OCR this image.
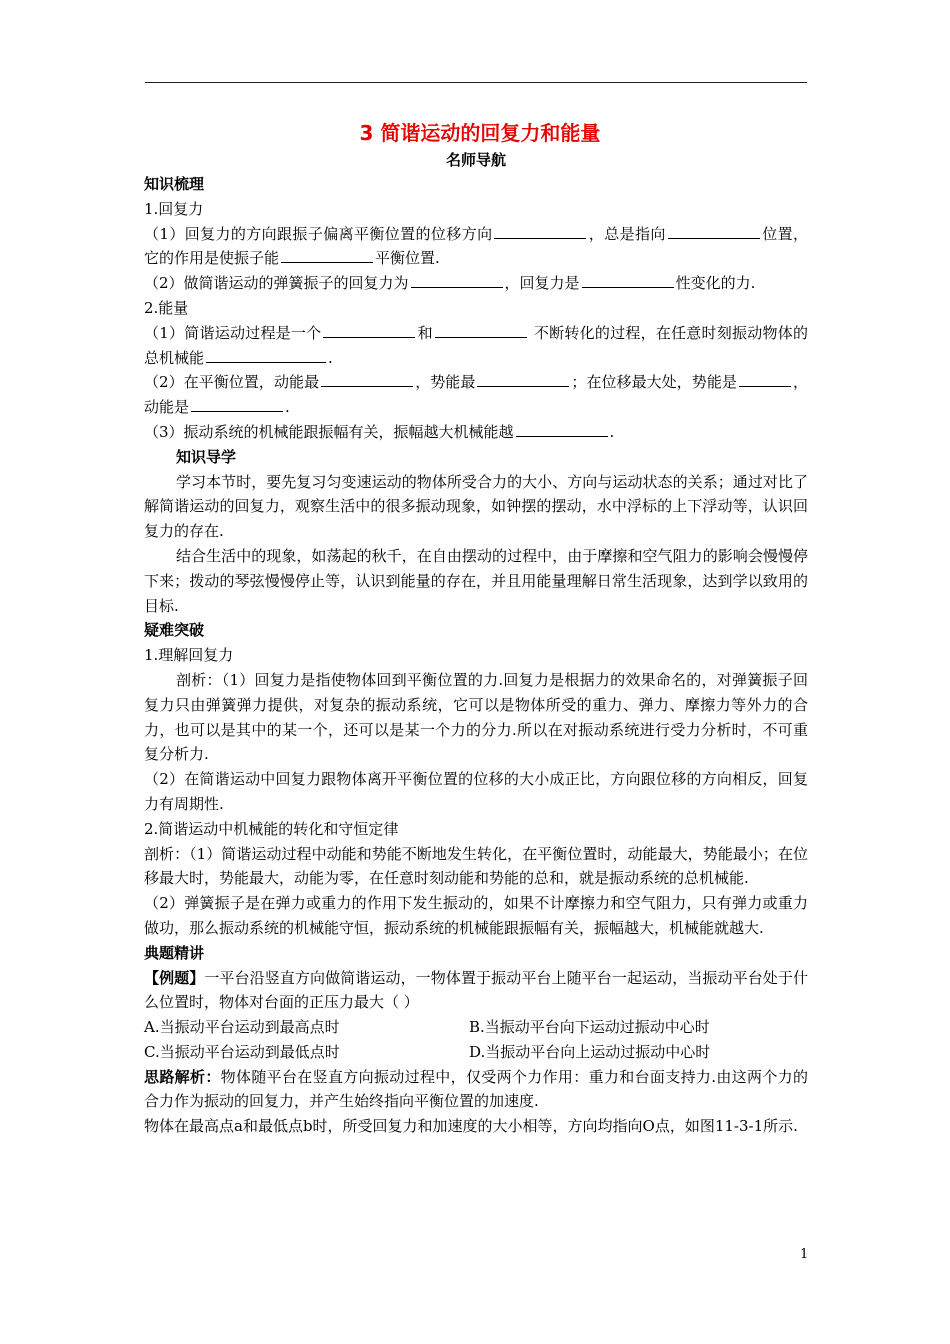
3 简谐运动的回复力和能量
名师导航
知识梳理

1.回复力

（1）回复力的方向跟振子偏离平衡位置的位移方向	，总是指向	位置，它的作用是使振子能	平衡位置.

（2）做简谐运动的弹簧振子的回复力为	，回复力是	性变化的力.

2.能量

（1）简谐运动过程是一个	和	不断转化的过程，在任意时刻振动物体的总机械能	.

（2）在平衡位置，动能最	，势能最	；在位移最大处，势能是	，动能是	.

（3）振动系统的机械能跟振幅有关，振幅越大机械能越	.

知识导学

学习本节时，要先复习匀变速运动的物体所受合力的大小、方向与运动状态的关系；通过对比了解简谐运动的回复力，观察生活中的很多振动现象，如钟摆的摆动，水中浮标的上下浮动等，认识回复力的存在.

结合生活中的现象，如荡起的秋千，在自由摆动的过程中，由于摩擦和空气阻力的影响会慢慢停下来；拨动的琴弦慢慢停止等，认识到能量的存在，并且用能量理解日常生活现象，达到学以致用的目标.

疑难突破

1.理解回复力

剖析：（1）回复力是指使物体回到平衡位置的力.回复力是根据力的效果命名的，对弹簧振子回复力只由弹簧弹力提供，对复杂的振动系统，它可以是物体所受的重力、弹力、摩擦力等外力的合力，也可以是其中的某一个，还可以是某一个力的分力.所以在对振动系统进行受力分析时，不可重复分析力.

（2）在简谐运动中回复力跟物体离开平衡位置的位移的大小成正比，方向跟位移的方向相反，回复力有周期性.

2.简谐运动中机械能的转化和守恒定律

剖析：（1）简谐运动过程中动能和势能不断地发生转化，在平衡位置时，动能最大，势能最小；在位移最大时，势能最大，动能为零，在任意时刻动能和势能的总和，就是振动系统的总机械能.

（2）弹簧振子是在弹力或重力的作用下发生振动的，如果不计摩擦力和空气阻力，只有弹力或重力做功，那么振动系统的机械能守恒，振动系统的机械能跟振幅有关，振幅越大，机械能就越大.

典题精讲

【例题】一平台沿竖直方向做简谐运动，一物体置于振动平台上随平台一起运动，当振动平台处于什么位置时，物体对台面的正压力最大（ ）

A.当振动平台运动到最高点时	B.当振动平台向下运动过振动中心时
C.当振动平台运动到最低点时	D.当振动平台向上运动过振动中心时

思路解析：物体随平台在竖直方向振动过程中，仅受两个力作用：重力和台面支持力.由这两个力的合力作为振动的回复力，并产生始终指向平衡位置的加速度.

物体在最高点a和最低点b时，所受回复力和加速度的大小相等，方向均指向O点，如图11-3-1所示.

1
